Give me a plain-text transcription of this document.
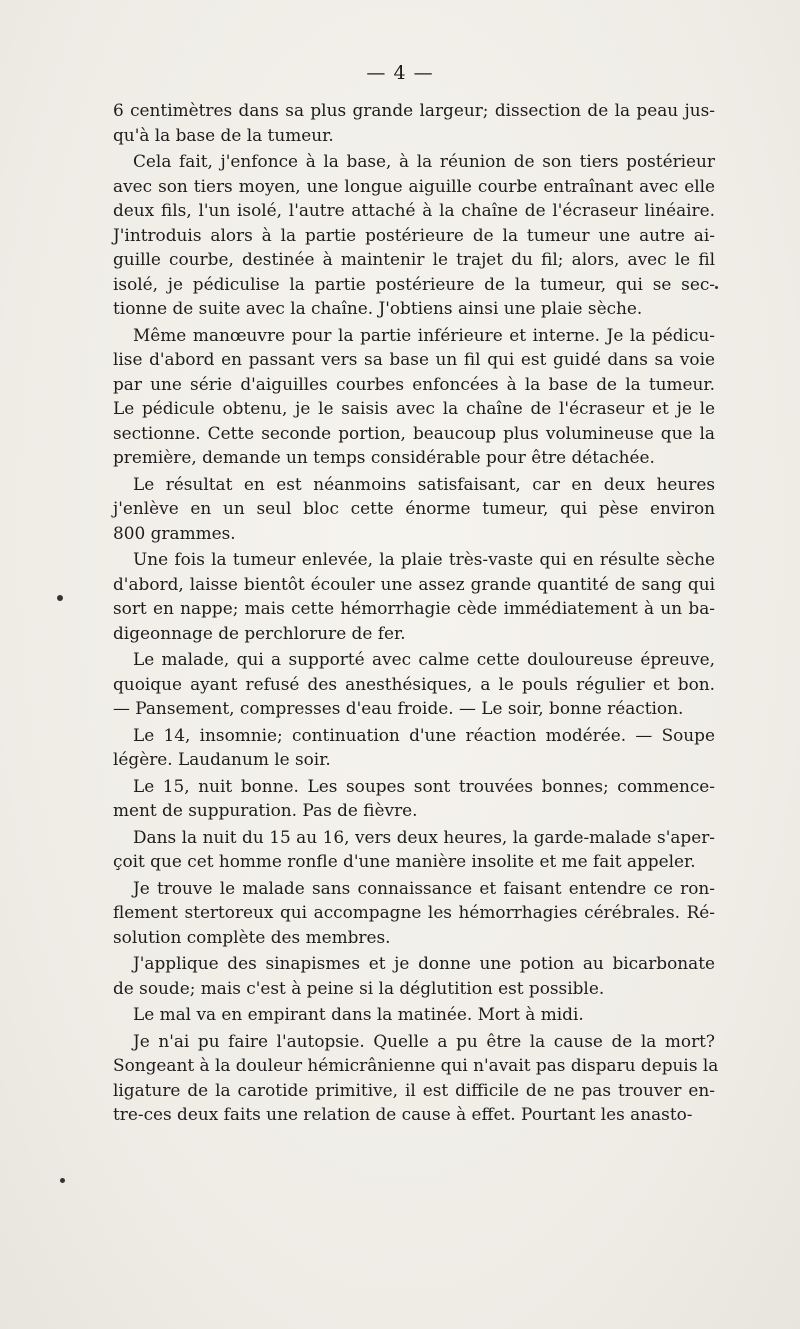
— 4 —
6 centimètres dans sa plus grande largeur; dissection de la peau jus-
qu'à la base de la tumeur.
Cela fait, j'enfonce à la base, à la réunion de son tiers postérieur
avec son tiers moyen, une longue aiguille courbe entraînant avec elle
deux fils, l'un isolé, l'autre attaché à la chaîne de l'écraseur linéaire.
J'introduis alors à la partie postérieure de la tumeur une autre ai-
guille courbe, destinée à maintenir le trajet du fil; alors, avec le fil
isolé, je pédiculise la partie postérieure de la tumeur, qui se sec-
tionne de suite avec la chaîne. J'obtiens ainsi une plaie sèche.
Même manœuvre pour la partie inférieure et interne. Je la pédicu-
lise d'abord en passant vers sa base un fil qui est guidé dans sa voie
par une série d'aiguilles courbes enfoncées à la base de la tumeur.
Le pédicule obtenu, je le saisis avec la chaîne de l'écraseur et je le
sectionne. Cette seconde portion, beaucoup plus volumineuse que la
première, demande un temps considérable pour être détachée.
Le résultat en est néanmoins satisfaisant, car en deux heures
j'enlève en un seul bloc cette énorme tumeur, qui pèse environ
800 grammes.
Une fois la tumeur enlevée, la plaie très-vaste qui en résulte sèche
d'abord, laisse bientôt écouler une assez grande quantité de sang qui
sort en nappe; mais cette hémorrhagie cède immédiatement à un ba-
digeonnage de perchlorure de fer.
Le malade, qui a supporté avec calme cette douloureuse épreuve,
quoique ayant refusé des anesthésiques, a le pouls régulier et bon.
— Pansement, compresses d'eau froide. — Le soir, bonne réaction.
Le 14, insomnie; continuation d'une réaction modérée. — Soupe
légère. Laudanum le soir.
Le 15, nuit bonne. Les soupes sont trouvées bonnes; commence-
ment de suppuration. Pas de fièvre.
Dans la nuit du 15 au 16, vers deux heures, la garde-malade s'aper-
çoit que cet homme ronfle d'une manière insolite et me fait appeler.
Je trouve le malade sans connaissance et faisant entendre ce ron-
flement stertoreux qui accompagne les hémorrhagies cérébrales. Ré-
solution complète des membres.
J'applique des sinapismes et je donne une potion au bicarbonate
de soude; mais c'est à peine si la déglutition est possible.
Le mal va en empirant dans la matinée. Mort à midi.
Je n'ai pu faire l'autopsie. Quelle a pu être la cause de la mort?
Songeant à la douleur hémicrânienne qui n'avait pas disparu depuis la
ligature de la carotide primitive, il est difficile de ne pas trouver en-
tre-ces deux faits une relation de cause à effet. Pourtant les anasto-
